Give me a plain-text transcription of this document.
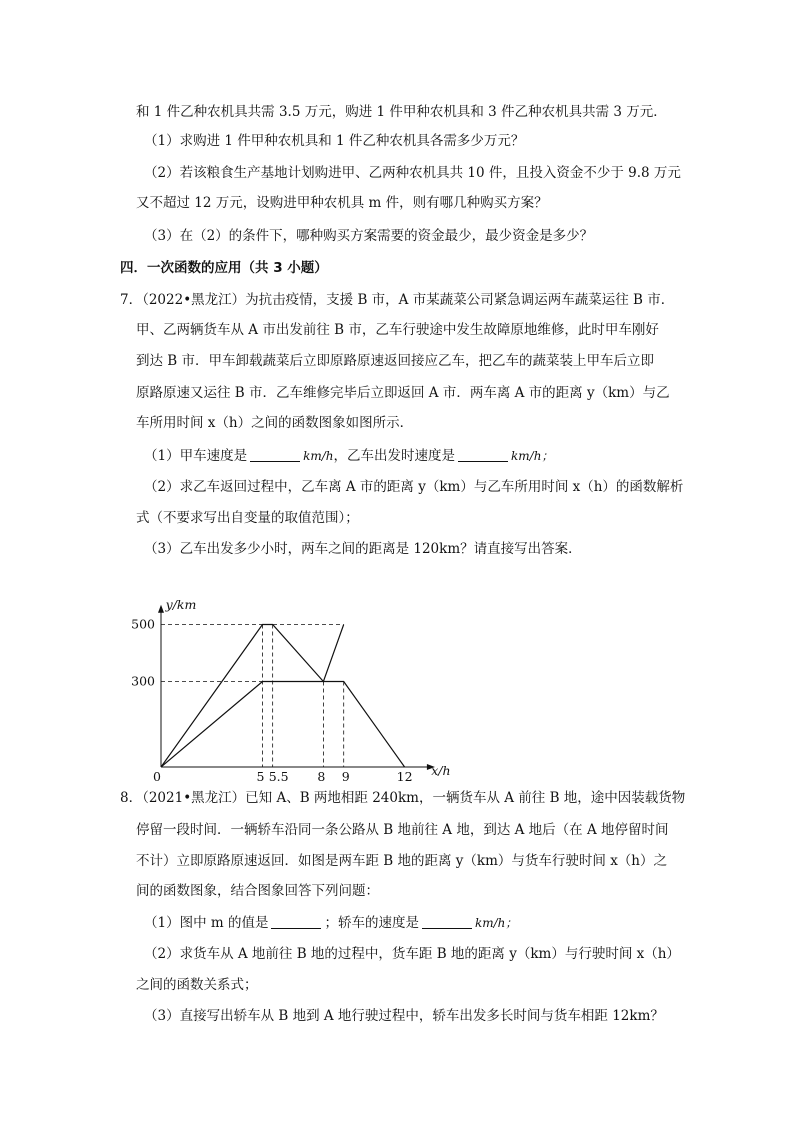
和 1 件乙种农机具共需 3.5 万元，购进 1 件甲种农机具和 3 件乙种农机具共需 3 万元．
（1）求购进 1 件甲种农机具和 1 件乙种农机具各需多少万元？
（2）若该粮食生产基地计划购进甲、乙两种农机具共 10 件，且投入资金不少于 9.8 万元
又不超过 12 万元，设购进甲种农机具 m 件，则有哪几种购买方案？
（3）在（2）的条件下，哪种购买方案需要的资金最少，最少资金是多少？
四．一次函数的应用（共 3 小题）
7．（2022•黑龙江）为抗击疫情，支援 B 市，A 市某蔬菜公司紧急调运两车蔬菜运往 B 市．
甲、乙两辆货车从 A 市出发前往 B 市，乙车行驶途中发生故障原地维修，此时甲车刚好
到达 B 市．甲车卸载蔬菜后立即原路原速返回接应乙车，把乙车的蔬菜装上甲车后立即
原路原速又运往 B 市．乙车维修完毕后立即返回 A 市．两车离 A 市的距离 y（km）与乙
车所用时间 x（h）之间的函数图象如图所示．
（1）甲车速度是	km/h，乙车出发时速度是	km/h；
（2）求乙车返回过程中，乙车离 A 市的距离 y（km）与乙车所用时间 x（h）的函数解析
式（不要求写出自变量的取值范围）；
（3）乙车出发多少小时，两车之间的距离是 120km？请直接写出答案．
x/h
y/km
0	5 5.5 8 9	12
500
300
8．（2021•黑龙江）已知 A、B 两地相距 240km，一辆货车从 A 前往 B 地，途中因装载货物
停留一段时间．一辆轿车沿同一条公路从 B 地前往 A 地，到达 A 地后（在 A 地停留时间
不计）立即原路原速返回．如图是两车距 B 地的距离 y（km）与货车行驶时间 x（h）之
间的函数图象，结合图象回答下列问题：
（1）图中 m 的值是	；轿车的速度是	km/h；
（2）求货车从 A 地前往 B 地的过程中，货车距 B 地的距离 y（km）与行驶时间 x（h）
之间的函数关系式；
（3）直接写出轿车从 B 地到 A 地行驶过程中，轿车出发多长时间与货车相距 12km？
